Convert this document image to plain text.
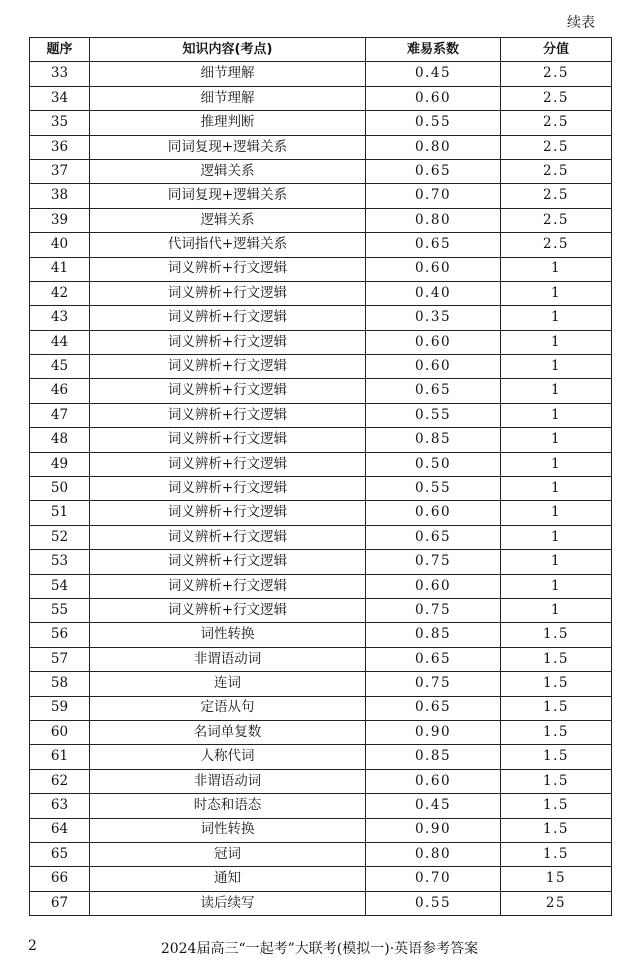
续表
题序	知识内容(考点)	难易系数	分值
33	细节理解	0.45	2.5
34	细节理解	0.60	2.5
35	推理判断	0.55	2.5
36	同词复现+逻辑关系	0.80	2.5
37	逻辑关系	0.65	2.5
38	同词复现+逻辑关系	0.70	2.5
39	逻辑关系	0.80	2.5
40	代词指代+逻辑关系	0.65	2.5
41	词义辨析+行文逻辑	0.60	1
42	词义辨析+行文逻辑	0.40	1
43	词义辨析+行文逻辑	0.35	1
44	词义辨析+行文逻辑	0.60	1
45	词义辨析+行文逻辑	0.60	1
46	词义辨析+行文逻辑	0.65	1
47	词义辨析+行文逻辑	0.55	1
48	词义辨析+行文逻辑	0.85	1
49	词义辨析+行文逻辑	0.50	1
50	词义辨析+行文逻辑	0.55	1
51	词义辨析+行文逻辑	0.60	1
52	词义辨析+行文逻辑	0.65	1
53	词义辨析+行文逻辑	0.75	1
54	词义辨析+行文逻辑	0.60	1
55	词义辨析+行文逻辑	0.75	1
56	词性转换	0.85	1.5
57	非谓语动词	0.65	1.5
58	连词	0.75	1.5
59	定语从句	0.65	1.5
60	名词单复数	0.90	1.5
61	人称代词	0.85	1.5
62	非谓语动词	0.60	1.5
63	时态和语态	0.45	1.5
64	词性转换	0.90	1.5
65	冠词	0.80	1.5
66	通知	0.70	15
67	读后续写	0.55	25
2	2024届高三“一起考”大联考(模拟一)·英语参考答案
